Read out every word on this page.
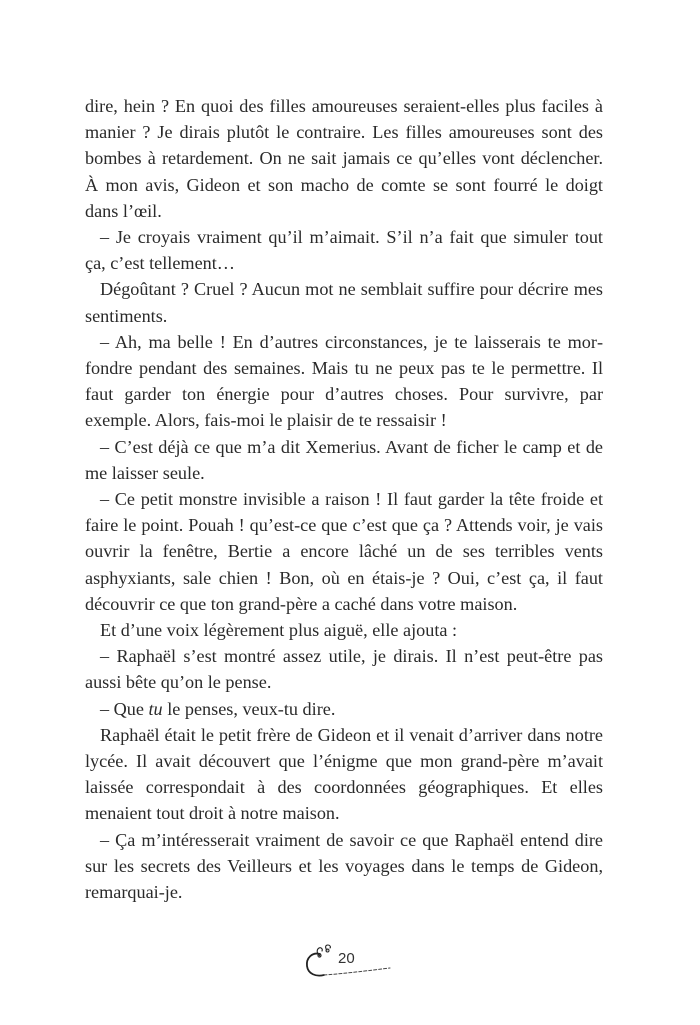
dire, hein ? En quoi des filles amoureuses seraient-elles plus faciles à manier ? Je dirais plutôt le contraire. Les filles amoureuses sont des bombes à retardement. On ne sait jamais ce qu’elles vont déclencher. À mon avis, Gideon et son macho de comte se sont fourré le doigt dans l’œil.

– Je croyais vraiment qu’il m’aimait. S’il n’a fait que simuler tout ça, c’est tellement…

Dégoûtant ? Cruel ? Aucun mot ne semblait suffire pour décrire mes sentiments.

– Ah, ma belle ! En d’autres circonstances, je te laisserais te morfondre pendant des semaines. Mais tu ne peux pas te le permettre. Il faut garder ton énergie pour d’autres choses. Pour survivre, par exemple. Alors, fais-moi le plaisir de te ressaisir !

– C’est déjà ce que m’a dit Xemerius. Avant de ficher le camp et de me laisser seule.

– Ce petit monstre invisible a raison ! Il faut garder la tête froide et faire le point. Pouah ! qu’est-ce que c’est que ça ? Attends voir, je vais ouvrir la fenêtre, Bertie a encore lâché un de ses terribles vents asphyxiants, sale chien ! Bon, où en étais-je ? Oui, c’est ça, il faut découvrir ce que ton grand-père a caché dans votre maison.

Et d’une voix légèrement plus aiguë, elle ajouta :

– Raphaël s’est montré assez utile, je dirais. Il n’est peut-être pas aussi bête qu’on le pense.

– Que tu le penses, veux-tu dire.

Raphaël était le petit frère de Gideon et il venait d’arriver dans notre lycée. Il avait découvert que l’énigme que mon grand-père m’avait laissée correspondait à des coordonnées géographiques. Et elles menaient tout droit à notre maison.

– Ça m’intéresserait vraiment de savoir ce que Raphaël entend dire sur les secrets des Veilleurs et les voyages dans le temps de Gideon, remarquai-je.

20
